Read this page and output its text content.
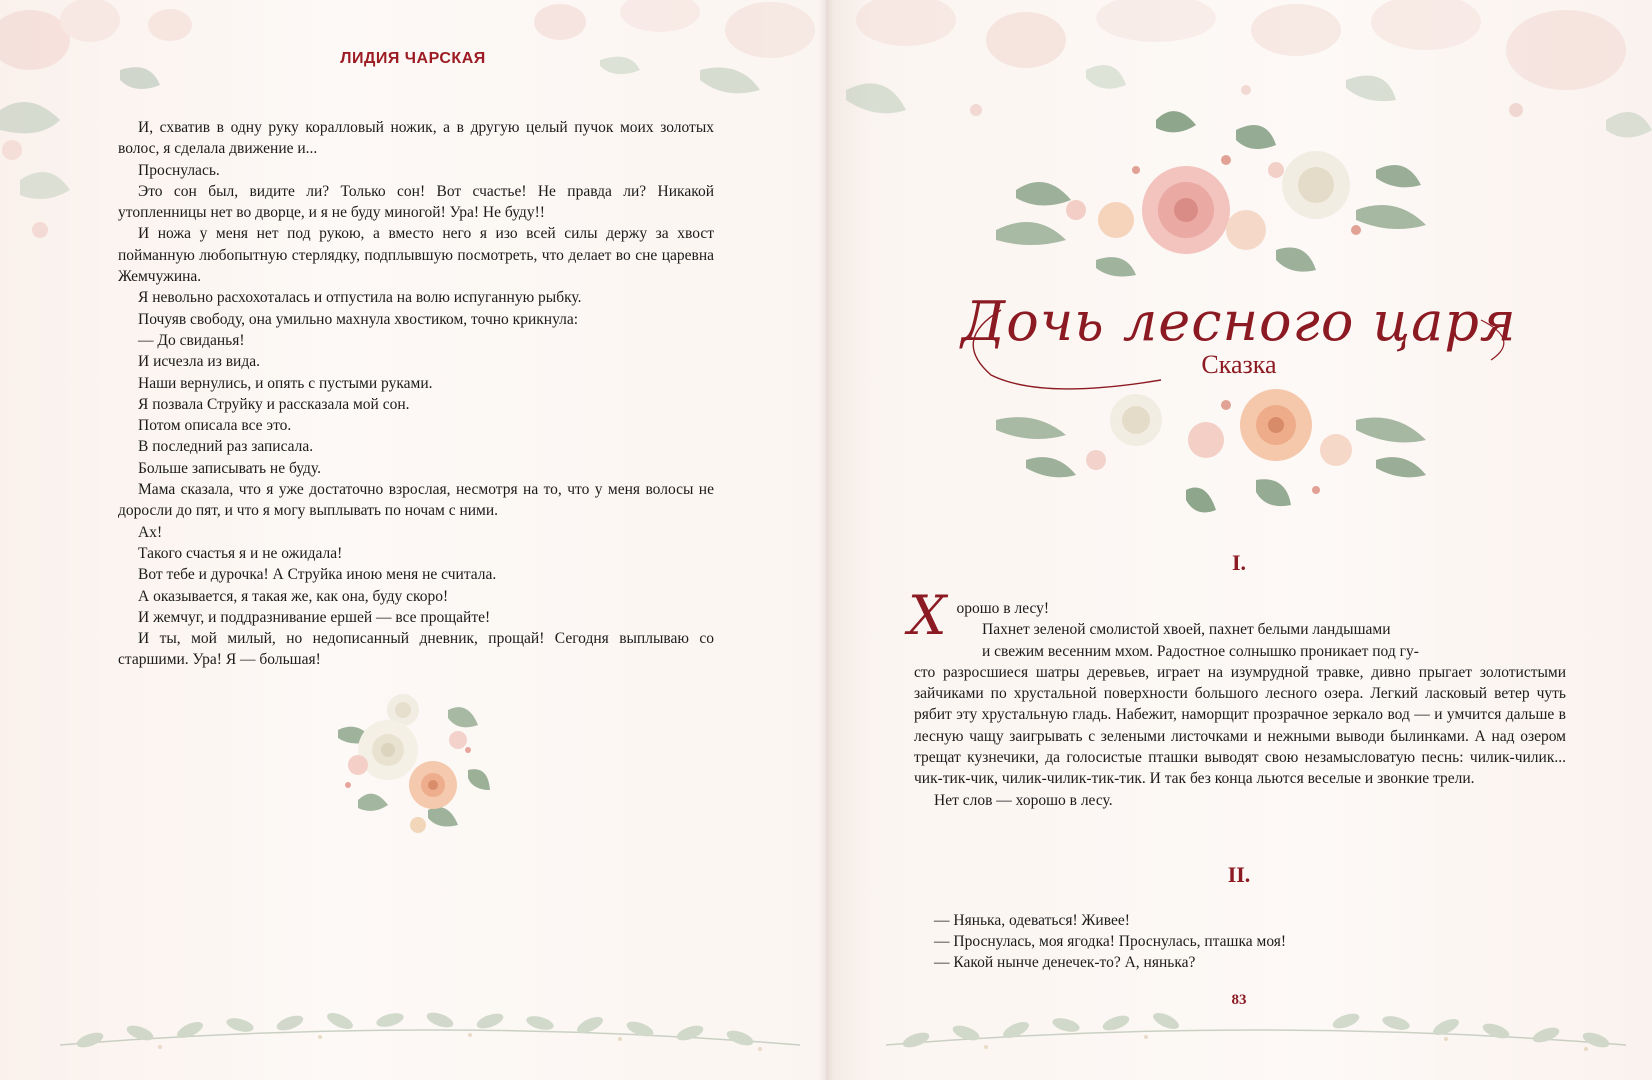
ЛИДИЯ ЧАРСКАЯ

И, схватив в одну руку коралловый ножик, а в другую целый пучок моих золотых волос, я сделала движение и...

Проснулась.

Это сон был, видите ли? Только сон! Вот счастье! Не правда ли? Никакой утопленницы нет во дворце, и я не буду миногой! Ура! Не буду!!

И ножа у меня нет под рукою, а вместо него я изо всей силы держу за хвост пойманную любопытную стерлядку, подплывшую посмотреть, что делает во сне царевна Жемчужина.

Я невольно расхохоталась и отпустила на волю испуганную рыбку.

Почуяв свободу, она умильно махнула хвостиком, точно крикнула:

— До свиданья!

И исчезла из вида.

Наши вернулись, и опять с пустыми руками.

Я позвала Струйку и рассказала мой сон.

Потом описала все это.

В последний раз записала.

Больше записывать не буду.

Мама сказала, что я уже достаточно взрослая, несмотря на то, что у меня волосы не доросли до пят, и что я могу выплывать по ночам с ними.

Ах!

Такого счастья я и не ожидала!

Вот тебе и дурочка! А Струйка иною меня не считала.

А оказывается, я такая же, как она, буду скоро!

И жемчуг, и поддразнивание ершей — все прощайте!

И ты, мой милый, но недописанный дневник, прощай! Сегодня выплываю со старшими. Ура! Я — большая!

Дочь лесного царя
Сказка
I.

Хорошо в лесу!

Пахнет зеленой смолистой хвоей, пахнет белыми ландышами

и свежим весенним мхом. Радостное солнышко проникает под гу-

сто разросшиеся шатры деревьев, играет на изумрудной травке, дивно прыгает золотистыми зайчиками по хрустальной поверхности большого лесного озера. Легкий ласковый ветер чуть рябит эту хрустальную гладь. Набежит, наморщит прозрачное зеркало вод — и умчится дальше в лесную чащу заигрывать с зелеными листочками и нежными выводи былинками. А над озером трещат кузнечики, да голосистые пташки выводят свою незамысловатую песнь: чилик-чилик... чик-тик-чик, чилик-чилик-тик-тик. И так без конца льются веселые и звонкие трели.

Нет слов — хорошо в лесу.

II.

— Нянька, одеваться! Живее!

— Проснулась, моя ягодка! Проснулась, пташка моя!

— Какой нынче денечек-то? А, нянька?

83
